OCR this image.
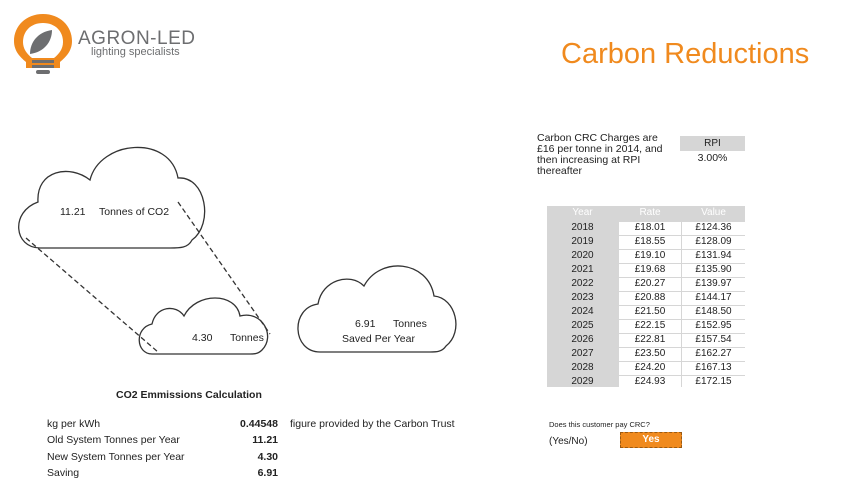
AGRON-LED
lighting specialists	Carbon Reductions
11.21 Tonnes of CO2
4.30 Tonnes
6.91 Tonnes
Saved Per Year
CO2 Emmissions Calculation
kg per kWh	0.44548 figure provided by the Carbon Trust
Old System Tonnes per Year	11.21
New System Tonnes per Year	4.30
Saving	6.91
Carbon CRC Charges are £16 per tonne in 2014, and then increasing at RPI thereafter
RPI
3.00%
Year	Rate	Value
2018	£18.01	£124.36
2019	£18.55	£128.09
2020	£19.10	£131.94
2021	£19.68	£135.90
2022	£20.27	£139.97
2023	£20.88	£144.17
2024	£21.50	£148.50
2025	£22.15	£152.95
2026	£22.81	£157.54
2027	£23.50	£162.27
2028	£24.20	£167.13
2029	£24.93	£172.15
Does this customer pay CRC?
(Yes/No)	Yes
